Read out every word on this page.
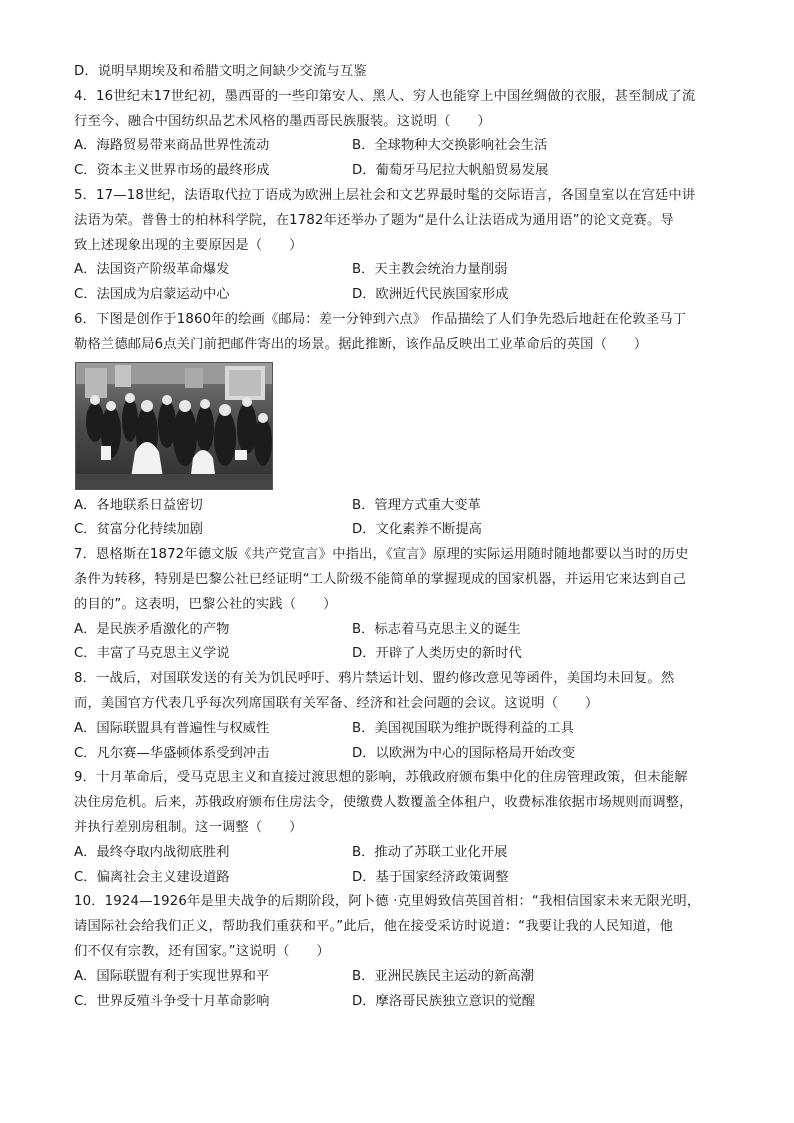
D．说明早期埃及和希腊文明之间缺少交流与互鉴
4．16世纪末17世纪初，墨西哥的一些印第安人、黑人、穷人也能穿上中国丝绸做的衣服，甚至制成了流
行至今、融合中国纺织品艺术风格的墨西哥民族服装。这说明（　　）
A．海路贸易带来商品世界性流动	B．全球物种大交换影响社会生活
C．资本主义世界市场的最终形成	D．葡萄牙马尼拉大帆船贸易发展
5．17—18世纪，法语取代拉丁语成为欧洲上层社会和文艺界最时髦的交际语言，各国皇室以在宫廷中讲
法语为荣。普鲁士的柏林科学院，在1782年还举办了题为“是什么让法语成为通用语”的论文竞赛。导
致上述现象出现的主要原因是（　　）
A．法国资产阶级革命爆发	B．天主教会统治力量削弱
C．法国成为启蒙运动中心	D．欧洲近代民族国家形成
6．下图是创作于1860年的绘画《邮局：差一分钟到六点》 作品描绘了人们争先恐后地赶在伦敦圣马丁
勒格兰德邮局6点关门前把邮件寄出的场景。据此推断，该作品反映出工业革命后的英国（　　）
A．各地联系日益密切	B．管理方式重大变革
C．贫富分化持续加剧	D．文化素养不断提高
7．恩格斯在1872年德文版《共产党宣言》中指出，《宣言》原理的实际运用随时随地都要以当时的历史
条件为转移，特别是巴黎公社已经证明“工人阶级不能简单的掌握现成的国家机器，并运用它来达到自己
的目的”。这表明，巴黎公社的实践（　　）
A．是民族矛盾激化的产物	B．标志着马克思主义的诞生
C．丰富了马克思主义学说	D．开辟了人类历史的新时代
8．一战后，对国联发送的有关为饥民呼吁、鸦片禁运计划、盟约修改意见等函件，美国均未回复。然
而，美国官方代表几乎每次列席国联有关军备、经济和社会问题的会议。这说明（　　）
A．国际联盟具有普遍性与权威性	B．美国视国联为维护既得利益的工具
C．凡尔赛—华盛顿体系受到冲击	D．以欧洲为中心的国际格局开始改变
9．十月革命后，受马克思主义和直接过渡思想的影响，苏俄政府颁布集中化的住房管理政策，但未能解
决住房危机。后来，苏俄政府颁布住房法令，使缴费人数覆盖全体租户，收费标准依据市场规则而调整，
并执行差别房租制。这一调整（　　）
A．最终夺取内战彻底胜利	B．推动了苏联工业化开展
C．偏离社会主义建设道路	D．基于国家经济政策调整
10．1924—1926年是里夫战争的后期阶段，阿卜德 ·克里姆致信英国首相：“我相信国家未来无限光明，
请国际社会给我们正义，帮助我们重获和平。”此后，他在接受采访时说道：“我要让我的人民知道，他
们不仅有宗教，还有国家。”这说明（　　）
A．国际联盟有利于实现世界和平	B．亚洲民族民主运动的新高潮
C．世界反殖斗争受十月革命影响	D．摩洛哥民族独立意识的觉醒
